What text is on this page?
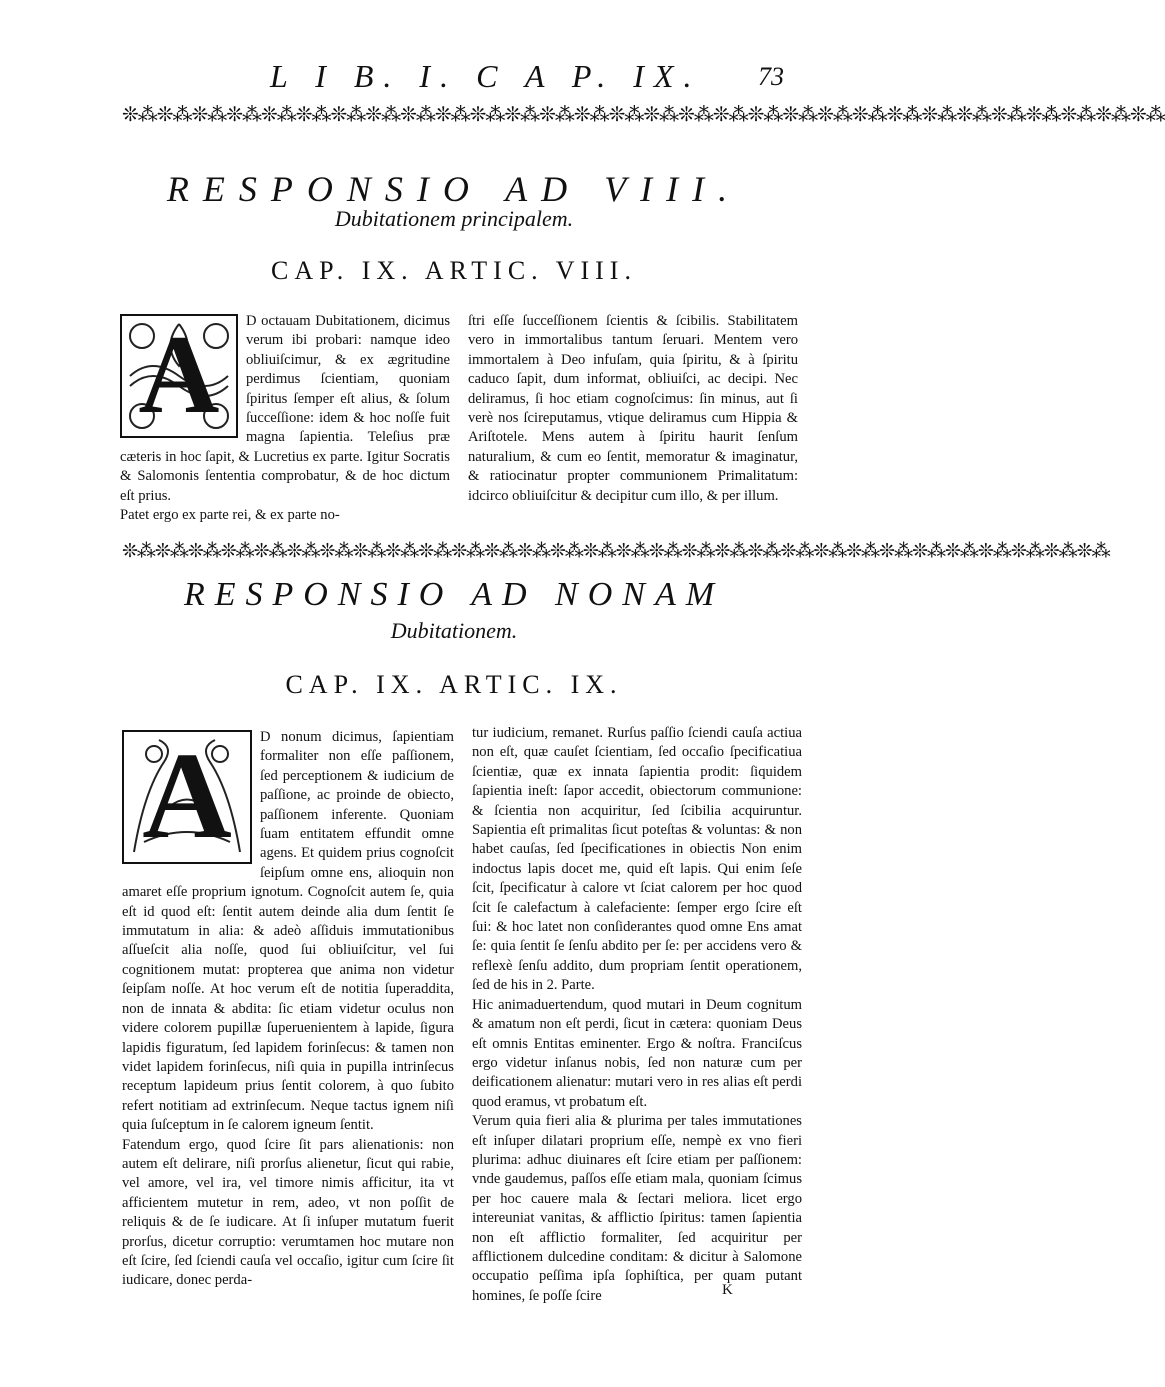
L I B. I. C A P. IX. 73
❊⁂❊⁂❊⁂❊⁂❊⁂❊⁂❊⁂❊⁂❊⁂❊⁂❊⁂❊⁂❊⁂❊⁂❊⁂❊⁂❊⁂❊⁂❊⁂❊⁂❊⁂❊⁂❊⁂❊⁂❊⁂❊⁂❊⁂❊⁂❊⁂❊⁂
RESPONSIO AD VIII.
Dubitationem principalem.
CAP. IX. ARTIC. VIII.
A	D octauam Dubitationem, dicimus verum ibi probari: namque ideo obliuiſcimur, & ex ægritudine perdimus ſcientiam, quoniam ſpiritus ſemper eſt alius, & ſolum ſucceſſione: idem & hoc noſſe fuit magna ſapientia. Teleſius præ cæteris in hoc ſapit, & Lucretius ex parte. Igitur Socratis & Salomonis ſententia comprobatur, & de hoc dictum eſt prius.

Patet ergo ex parte rei, & ex parte no-

ſtri eſſe ſucceſſionem ſcientis & ſcibilis. Stabilitatem vero in immortalibus tantum ſeruari. Mentem vero immortalem à Deo infuſam, quia ſpiritu, & à ſpiritu caduco ſapit, dum informat, obliuiſci, ac decipi. Nec deliramus, ſi hoc etiam cognoſcimus: ſin minus, aut ſi verè nos ſcireputamus, vtique deliramus cum Hippia & Ariſtotele. Mens autem à ſpiritu haurit ſenſum naturalium, & cum eo ſentit, memoratur & imaginatur, & ratiocinatur propter communionem Primalitatum: idcirco obliuiſcitur & decipitur cum illo, & per illum.

❊⁂❊⁂❊⁂❊⁂❊⁂❊⁂❊⁂❊⁂❊⁂❊⁂❊⁂❊⁂❊⁂❊⁂❊⁂❊⁂❊⁂❊⁂❊⁂❊⁂❊⁂❊⁂❊⁂❊⁂❊⁂❊⁂❊⁂❊⁂❊⁂❊⁂
RESPONSIO AD NONAM
Dubitationem.
CAP. IX. ARTIC. IX.
A	D nonum dicimus, ſapientiam formaliter non eſſe paſſionem, ſed perceptionem & iudicium de paſſione, ac proinde de obiecto, paſſionem inferente. Quoniam ſuam entitatem effundit omne agens. Et quidem prius cognoſcit ſeipſum omne ens, alioquin non amaret eſſe proprium ignotum. Cognoſcit autem ſe, quia eſt id quod eſt: ſentit autem deinde alia dum ſentit ſe immutatum in alia: & adeò aſſiduis immutationibus aſſueſcit alia noſſe, quod ſui obliuiſcitur, vel ſui cognitionem mutat: propterea que anima non videtur ſeipſam noſſe. At hoc verum eſt de notitia ſuperaddita, non de innata & abdita: ſic etiam videtur oculus non videre colorem pupillæ ſuperuenientem à lapide, ſigura lapidis figuratum, ſed lapidem forinſecus: & tamen non videt lapidem forinſecus, niſi quia in pupilla intrinſecus receptum lapideum prius ſentit colorem, à quo ſubito refert notitiam ad extrinſecum. Neque tactus ignem niſi quia ſuſceptum in ſe calorem igneum ſentit.

Fatendum ergo, quod ſcire ſit pars alienationis: non autem eſt delirare, niſi prorſus alienetur, ſicut qui rabie, vel amore, vel ira, vel timore nimis afficitur, ita vt afficientem mutetur in rem, adeo, vt non poſſit de reliquis & de ſe iudicare. At ſi inſuper mutatum fuerit prorſus, dicetur corruptio: verumtamen hoc mutare non eſt ſcire, ſed ſciendi cauſa vel occaſio, igitur cum ſcire ſit iudicare, donec perda-

tur iudicium, remanet. Rurſus paſſio ſciendi cauſa actiua non eſt, quæ cauſet ſcientiam, ſed occaſio ſpecificatiua ſcientiæ, quæ ex innata ſapientia prodit: ſiquidem ſapientia ineſt: ſapor accedit, obiectorum communione: & ſcientia non acquiritur, ſed ſcibilia acquiruntur. Sapientia eſt primalitas ſicut poteſtas & voluntas: & non habet cauſas, ſed ſpecificationes in obiectis Non enim indoctus lapis docet me, quid eſt lapis. Qui enim ſeſe ſcit, ſpecificatur à calore vt ſciat calorem per hoc quod ſcit ſe calefactum à calefaciente: ſemper ergo ſcire eſt ſui: & hoc latet non conſiderantes quod omne Ens amat ſe: quia ſentit ſe ſenſu abdito per ſe: per accidens vero & reflexè ſenſu addito, dum propriam ſentit operationem, ſed de his in 2. Parte.

Hic animaduertendum, quod mutari in Deum cognitum & amatum non eſt perdi, ſicut in cætera: quoniam Deus eſt omnis Entitas eminenter. Ergo & noſtra. Franciſcus ergo videtur inſanus nobis, ſed non naturæ cum per deificationem alienatur: mutari vero in res alias eſt perdi quod eramus, vt probatum eſt.

Verum quia fieri alia & plurima per tales immutationes eſt inſuper dilatari proprium eſſe, nempè ex vno fieri plurima: adhuc diuinares eſt ſcire etiam per paſſionem: vnde gaudemus, paſſos eſſe etiam mala, quoniam ſcimus per hoc cauere mala & ſectari meliora. licet ergo intereuniat vanitas, & afflictio ſpiritus: tamen ſapientia non eſt afflictio formaliter, ſed acquiritur per afflictionem dulcedine conditam: & dicitur à Salomone occupatio peſſima ipſa ſophiſtica, per quam putant homines, ſe poſſe ſcire	K
